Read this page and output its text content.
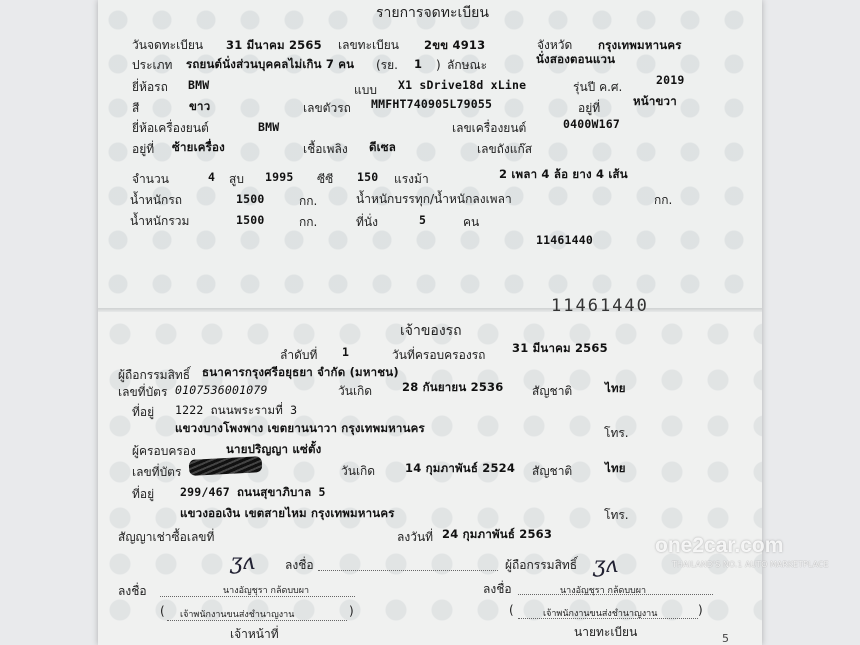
รายการจดทะเบียน
วันจดทะเบียน 31 มีนาคม 2565 เลขทะเบียน 2ขข 4913	จังหวัด กรุงเทพมหานคร
ประเภท รถยนต์นั่งส่วนบุคคลไม่เกิน 7 คน (รย. 1 ) ลักษณะ	นั่งสองตอนแวน
ยี่ห้อรถ BMW	แบบ X1 sDrive18d xLine	รุ่นปี ค.ศ.	2019
สี	ขาว	เลขตัวรถ MMFHT740905L79055	อยู่ที่	หน้าขวา
ยี่ห้อเครื่องยนต์	BMW	เลขเครื่องยนต์	0400W167
อยู่ที่ ซ้ายเครื่อง	เชื้อเพลิง ดีเซล	เลขถังแก๊ส
จำนวน	4 สูบ 1995 ซีซี 150 แรงม้า	2 เพลา 4 ล้อ ยาง 4 เส้น
น้ำหนักรถ	1500	กก.	น้ำหนักบรรทุก/น้ำหนักลงเพลา	กก.
น้ำหนักรวม	1500	กก.	ที่นั่ง	5	คน
11461440
11461440
เจ้าของรถ
ลำดับที่ 1	วันที่ครอบครองรถ 31 มีนาคม 2565
ผู้ถือกรรมสิทธิ์ ธนาคารกรุงศรีอยุธยา จำกัด (มหาชน)
เลขที่บัตร 0107536001079	วันเกิด	28 กันยายน 2536 สัญชาติ	ไทย
ที่อยู่ 1222 ถนนพระรามที่ 3
แขวงบางโพงพาง เขตยานนาวา กรุงเทพมหานคร	โทร.
ผู้ครอบครอง	นายปริญญา แซ่ตั้ง
เลขที่บัตร	วันเกิด	14 กุมภาพันธ์ 2524 สัญชาติ	ไทย
ที่อยู่ 299/467 ถนนสุขาภิบาล 5
แขวงออเงิน เขตสายไหม กรุงเทพมหานคร	โทร.
สัญญาเช่าซื้อเลขที่	ลงวันที่ 24 กุมภาพันธ์ 2563
ʒʌ	ลงชื่อ	ผู้ถือกรรมสิทธิ์ ʒʌ
ลงชื่อ	นางอัญชุรา กล้ดบบผา
( เจ้าพนักงานขนส่งชำนาญงาน	)
เจ้าหน้าที่
ลงชื่อ	นางอัญชุรา กล้ดบบผา
(	เจ้าพนักงานขนส่งชำนาญงาน	)
นายทะเบียน
one2car.com
THAILAND'S NO.1 AUTO MARKETPLACE
5
